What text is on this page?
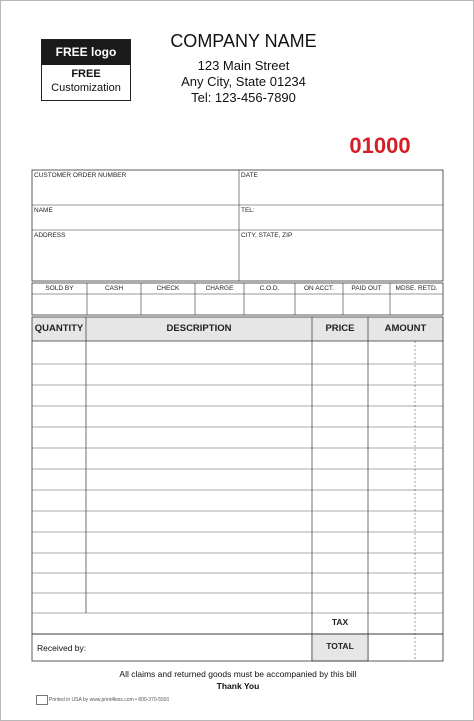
FREE logo
FREE
Customization
COMPANY NAME
123 Main Street
Any City, State 01234
Tel: 123-456-7890
01000
CUSTOMER ORDER NUMBER	DATE
NAME	TEL:
ADDRESS	CITY, STATE, ZIP
SOLD BY	CASH	CHECK	CHARGE	C.O.D.	ON ACCT.	PAID OUT	MDSE. RETD.
QUANTITY	DESCRIPTION	PRICE	AMOUNT
TAX
TOTAL
Received by:
All claims and returned goods must be accompanied by this bill
Thank You
Printed in USA by www.print4less.com • 800-370-5591
